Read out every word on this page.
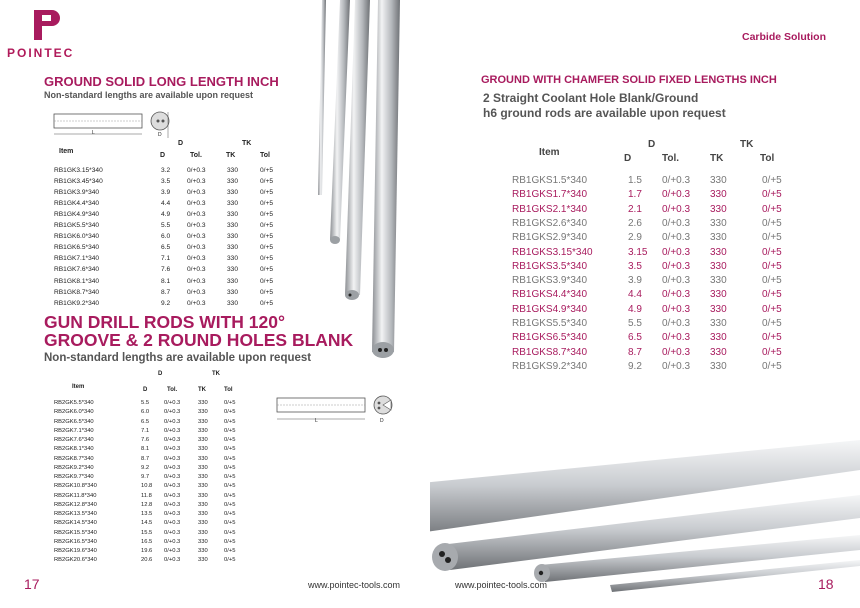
POINTEC
GROUND SOLID LONG LENGTH INCH
Non-standard lengths are available upon request
L	D
Item
D	TK
D	Tol.	TK	Tol
RB1GK3.15*340	3.2	0/+0.3	330	0/+5
RB1GK3.45*340	3.5	0/+0.3	330	0/+5
RB1GK3.9*340	3.9	0/+0.3	330	0/+5
RB1GK4.4*340	4.4	0/+0.3	330	0/+5
RB1GK4.9*340	4.9	0/+0.3	330	0/+5
RB1GK5.5*340	5.5	0/+0.3	330	0/+5
RB1GK6.0*340	6.0	0/+0.3	330	0/+5
RB1GK6.5*340	6.5	0/+0.3	330	0/+5
RB1GK7.1*340	7.1	0/+0.3	330	0/+5
RB1GK7.6*340	7.6	0/+0.3	330	0/+5
RB1GK8.1*340	8.1	0/+0.3	330	0/+5
RB1GK8.7*340	8.7	0/+0.3	330	0/+5
RB1GK9.2*340	9.2	0/+0.3	330	0/+5
GUN DRILL RODS WITH 120°
GROOVE & 2 ROUND HOLES BLANK
Non-standard lengths are available upon request
L	D
Item
D	TK
D	Tol.	TK	Tol
RB2GK5.5*340	5.5	0/+0.3	330	0/+5
RB2GK6.0*340	6.0	0/+0.3	330	0/+5
RB2GK6.5*340	6.5	0/+0.3	330	0/+5
RB2GK7.1*340	7.1	0/+0.3	330	0/+5
RB2GK7.6*340	7.6	0/+0.3	330	0/+5
RB2GK8.1*340	8.1	0/+0.3	330	0/+5
RB2GK8.7*340	8.7	0/+0.3	330	0/+5
RB2GK9.2*340	9.2	0/+0.3	330	0/+5
RB2GK9.7*340	9.7	0/+0.3	330	0/+5
RB2GK10.8*340	10.8 0/+0.3	330	0/+5
RB2GK11.8*340	11.8 0/+0.3	330	0/+5
RB2GK12.8*340	12.8 0/+0.3	330	0/+5
RB2GK13.5*340	13.5 0/+0.3	330	0/+5
RB2GK14.5*340	14.5 0/+0.3	330	0/+5
RB2GK15.5*340	15.5 0/+0.3	330	0/+5
RB2GK16.5*340	16.5 0/+0.3	330	0/+5
RB2GK19.6*340	19.6 0/+0.3	330	0/+5
RB2GK20.6*340	20.6 0/+0.3	330	0/+5
17	www.pointec-tools.com
Carbide Solution
GROUND WITH CHAMFER SOLID FIXED LENGTHS INCH
2 Straight Coolant Hole Blank/Ground
h6 ground rods are available upon request
Item
D	TK
D	Tol.	TK	Tol
RB1GKS1.5*340	1.5 0/+0.3 330	0/+5
RB1GKS1.7*340	1.7 0/+0.3 330	0/+5
RB1GKS2.1*340	2.1 0/+0.3 330	0/+5
RB1GKS2.6*340	2.6 0/+0.3 330	0/+5
RB1GKS2.9*340	2.9 0/+0.3 330	0/+5
RB1GKS3.15*340	3.15 0/+0.3 330	0/+5
RB1GKS3.5*340	3.5 0/+0.3 330	0/+5
RB1GKS3.9*340	3.9 0/+0.3 330	0/+5
RB1GKS4.4*340	4.4 0/+0.3 330	0/+5
RB1GKS4.9*340	4.9 0/+0.3 330	0/+5
RB1GKS5.5*340	5.5 0/+0.3 330	0/+5
RB1GKS6.5*340	6.5 0/+0.3 330	0/+5
RB1GKS8.7*340	8.7 0/+0.3 330	0/+5
RB1GKS9.2*340	9.2 0/+0.3 330	0/+5
18
www.pointec-tools.com
